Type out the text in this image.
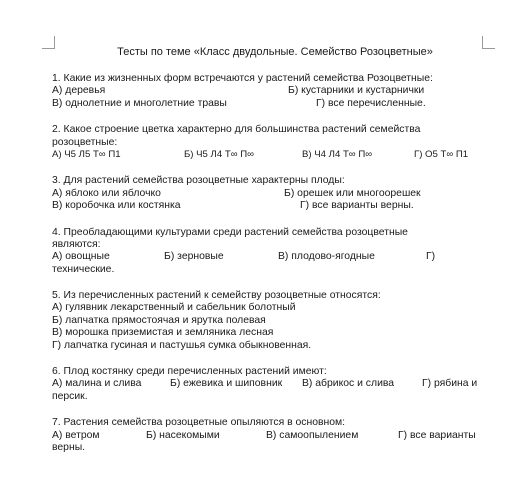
Тесты по теме «Класс двудольные. Семейство Розоцветные»
1. Какие из жизненных форм встречаются у растений семейства Розоцветные:
А) деревья	Б) кустарники и кустарнички
В) однолетние и многолетние травы	Г) все перечисленные.
2. Какое строение цветка характерно для большинства растений семейства
розоцветные:
А) Ч5 Л5 Т∞ П1	Б) Ч5 Л4 Т∞ П∞	В) Ч4 Л4 Т∞ П∞	Г) О5 Т∞ П1
3. Для растений семейства розоцветные характерны плоды:
А) яблоко или яблочко	Б) орешек или многоорешек
В) коробочка или костянка	Г) все варианты верны.
4. Преобладающими культурами среди растений семейства розоцветные
являются:
А) овощные	Б) зерновые	В) плодово-ягодные	Г)
технические.
5. Из перечисленных растений к семейству розоцветные относятся:
А) гулявник лекарственный и сабельник болотный
Б) лапчатка прямостоячая и ярутка полевая
В) морошка приземистая и земляника лесная
Г) лапчатка гусиная и пастушья сумка обыкновенная.
6. Плод костянку среди перечисленных растений имеют:
А) малина и слива	Б) ежевика и шиповник В) абрикос и слива	Г) рябина и
персик.
7. Растения семейства розоцветные опыляются в основном:
А) ветром	Б) насекомыми	В) самоопылением	Г) все варианты
верны.
